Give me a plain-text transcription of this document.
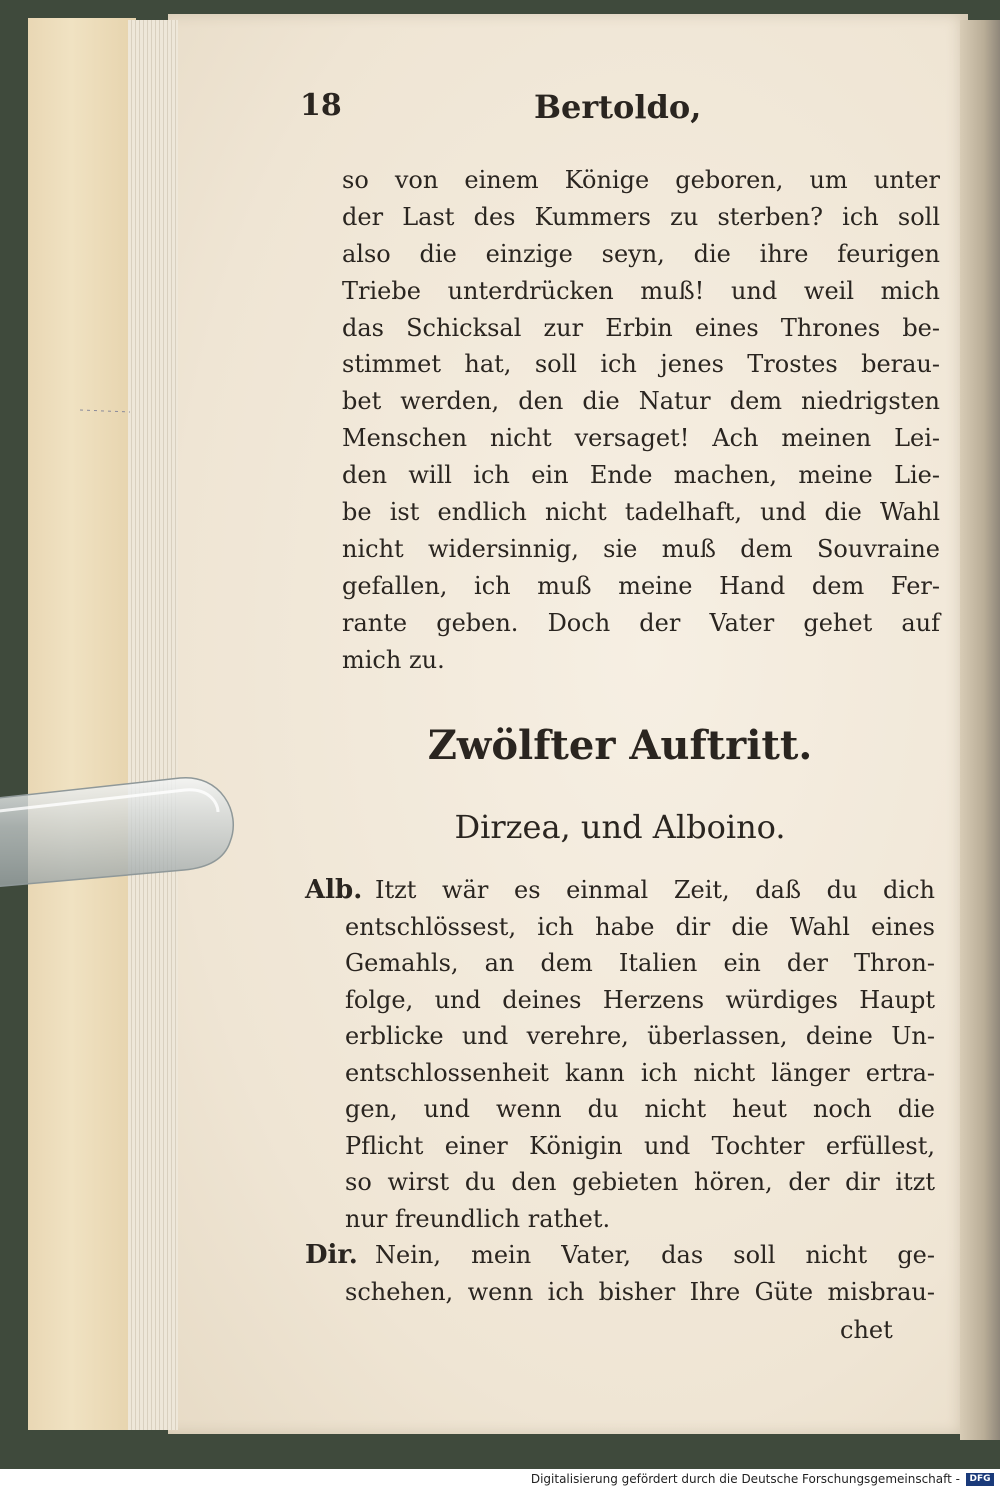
18	Bertoldo,
so von einem Könige geboren, um unter
der Last des Kummers zu sterben? ich soll
also die einzige seyn, die ihre feurigen
Triebe unterdrücken muß! und weil mich
das Schicksal zur Erbin eines Thrones be-
stimmet hat, soll ich jenes Trostes berau-
bet werden, den die Natur dem niedrigsten
Menschen nicht versaget! Ach meinen Lei-
den will ich ein Ende machen, meine Lie-
be ist endlich nicht tadelhaft, und die Wahl
nicht widersinnig, sie muß dem Souvraine
gefallen, ich muß meine Hand dem Fer-
rante geben. Doch der Vater gehet auf
mich zu.
Zwölfter Auftritt.
Dirzea, und Alboino.
Alb. Itzt wär es einmal Zeit, daß du dich
entschlössest, ich habe dir die Wahl eines
Gemahls, an dem Italien ein der Thron-
folge, und deines Herzens würdiges Haupt
erblicke und verehre, überlassen, deine Un-
entschlossenheit kann ich nicht länger ertra-
gen, und wenn du nicht heut noch die
Pflicht einer Königin und Tochter erfüllest,
so wirst du den gebieten hören, der dir itzt
nur freundlich rathet.
Dir. Nein, mein Vater, das soll nicht ge-
schehen, wenn ich bisher Ihre Güte misbrau-
chet
Digitalisierung gefördert durch die Deutsche Forschungsgemeinschaft -	DFG
